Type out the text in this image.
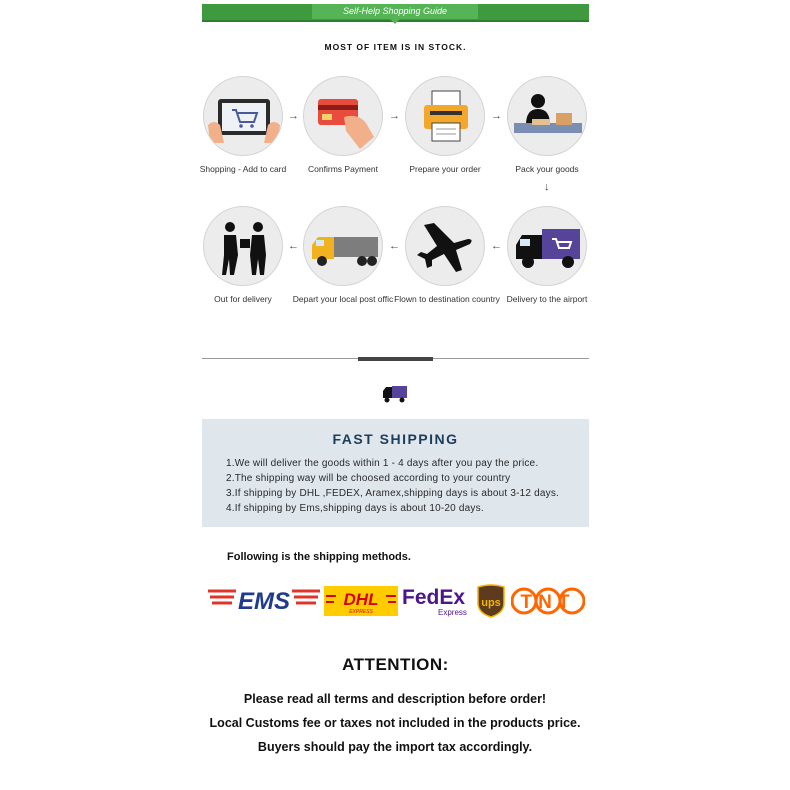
Self-Help Shopping Guide
MOST OF ITEM IS IN STOCK.
→	→	→
Shopping - Add to card	Confirms Payment	Prepare your order	Pack your goods
↓
←	←	←
Out for delivery	Depart your local post offic Flown to destination country Delivery to the airport
FAST SHIPPING
1.We will deliver the goods within 1 - 4 days after you pay the price.
2.The shipping way will be choosed according to your country
3.If shipping by DHL ,FEDEX, Aramex,shipping days is about 3-12 days.
4.If shipping by Ems,shipping days is about 10-20 days.
Following is the shipping methods.
EMS	DHL
EXPRESS
FedEx
Express
ups TNT
ATTENTION:
Please read all terms and description before order!
Local Customs fee or taxes not included in the products price.
Buyers should pay the import tax accordingly.
